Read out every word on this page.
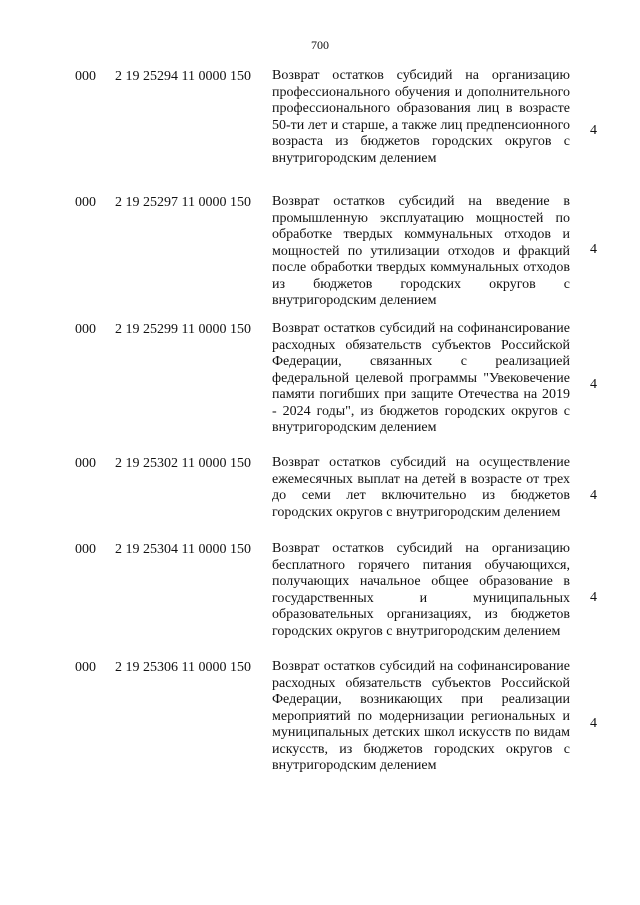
700
000 2 19 25294 11 0000 150 Возврат остатков субсидий на организацию профессионального обучения и дополнительного профессионального образования лиц в возрасте 50-ти лет и старше, а также лиц предпенсионного возраста из бюджетов городских округов с внутригородским делением
4
000 2 19 25297 11 0000 150 Возврат остатков субсидий на введение в промышленную эксплуатацию мощностей по обработке твердых коммунальных отходов и мощностей по утилизации отходов и фракций после обработки твердых коммунальных отходов из бюджетов городских округов с внутригородским делением
4
000 2 19 25299 11 0000 150 Возврат остатков субсидий на софинансирование расходных обязательств субъектов Российской Федерации, связанных с реализацией федеральной целевой программы "Увековечение памяти погибших при защите Отечества на 2019 - 2024 годы", из бюджетов городских округов с внутригородским делением
4
000 2 19 25302 11 0000 150 Возврат остатков субсидий на осуществление ежемесячных выплат на детей в возрасте от трех до семи лет включительно из бюджетов городских округов с внутригородским делением
4
000 2 19 25304 11 0000 150 Возврат остатков субсидий на организацию бесплатного горячего питания обучающихся, получающих начальное общее образование в государственных и муниципальных образовательных организациях, из бюджетов городских округов с внутригородским делением
4
000 2 19 25306 11 0000 150 Возврат остатков субсидий на софинансирование расходных обязательств субъектов Российской Федерации, возникающих при реализации мероприятий по модернизации региональных и муниципальных детских школ искусств по видам искусств, из бюджетов городских округов с внутригородским делением
4
